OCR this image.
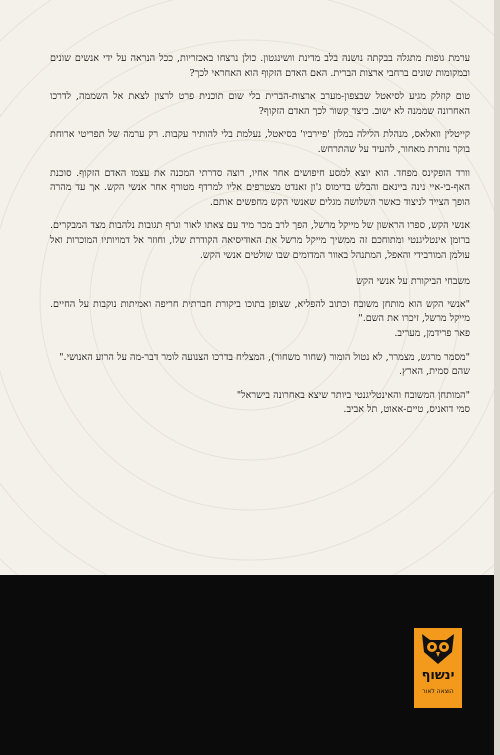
ערמת גופות מתגלה בבקתה נושנה בלב מדינת וושינגטון. כולן נרצחו באכזריות, ככל הנראה על ידי אנשים שונים ובמקומות שונים ברחבי ארצות הברית. האם האדם הזקוף הוא האחראי לכך?

טום קוזלק מגיע לסיאטל שבצפון-מערב ארצות-הברית בלי שום תוכנית פרט לרצון לצאת אל השממה, לדרכו האחרונה שממנה לא ישוב. כיצד קשור לכך האדם הזקוף?

קייטלין וואלאס, מנהלת הלילה במלון 'פיירביו' בסיאטל, נעלמת בלי להותיר עקבות. רק ערמה של תפריטי ארוחת בוקר נותרת מאחור, להעיד על שהתרחש.

וורד הופקינס מפחד. הוא יוצא למסע חיפושים אחר אחיו, רוצה סדרתי המכנה את עצמו האדם הזקוף. סוכנת האף-בי-איי נינה ביינאם והבלש בדימוס ג'ון זאנדט מצטרפים אליו למרדף מטורף אחר אנשי הקש. אך עד מהרה הופך הצייד לניצוד כאשר השלושה מגלים שאנשי הקש מחפשים אותם.

אנשי הקש, ספרו הראשון של מייקל מרשל, הפך לרב מכר מיד עם צאתו לאור וגרף תגובות נלהבות מצד המבקרים. ברומן אינטליגנטי ומתוחכם זה ממשיך מייקל מרשל את האודיסיאה הקודרת שלו, וחוזר אל דמויותיו המוכרות ואל עולמן המורבידי והאפל, המתנהל באוור המדומים שבו שולטים אנשי הקש.

משבחי הביקורת על אנשי הקש

"אנשי הקש הוא מותחן משובח וכתוב להפליא, שצופן בתוכו ביקורת חברתית חריפה ואמיתות נוקבות על החיים. מייקל מרשל, זיכרו את השם."

פאר פרידמן, מעריב.

"מסמר מרגש, מצמרר, לא נטול הומור (שחור משחור), המצליח בדרכו הצנועה לומר דבר-מה על הרוע האנושי."

שהם סמית, הארץ.

"המותחן המשובח והאינטליגנטי ביותר שיצא באחרונה בישראל"

סמי דואניס, טיים-אאוט, תל אביב.

ינשוף
הוצאה לאור
